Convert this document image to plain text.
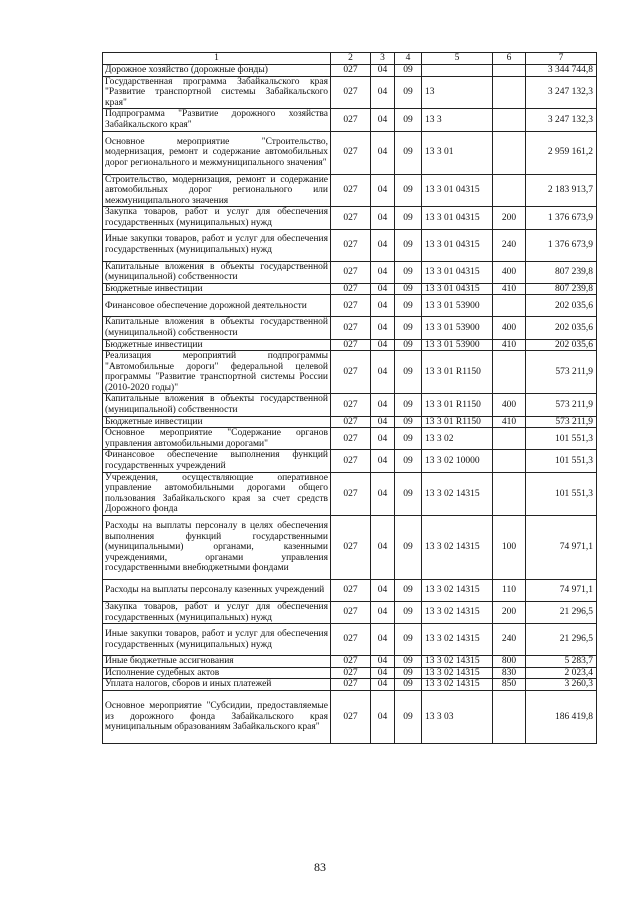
1	2	3	4	5	6	7
Дорожное хозяйство (дорожные фонды)	027	04	09			3 344 744,8
Государственная программа Забайкальского края "Развитие транспортной системы Забайкальского края"	027	04	09	13		3 247 132,3
Подпрограмма "Развитие дорожного хозяйства Забайкальского края"	027	04	09	13 3		3 247 132,3
Основное мероприятие "Строительство, модернизация, ремонт и содержание автомобильных дорог регионального и межмуниципального значения"	027	04	09	13 3 01		2 959 161,2
Строительство, модернизация, ремонт и содержание автомобильных дорог регионального или межмуниципального значения	027	04	09	13 3 01 04315		2 183 913,7
Закупка товаров, работ и услуг для обеспечения государственных (муниципальных) нужд	027	04	09	13 3 01 04315	200	1 376 673,9
Иные закупки товаров, работ и услуг для обеспечения государственных (муниципальных) нужд	027	04	09	13 3 01 04315	240	1 376 673,9
Капитальные вложения в объекты государственной (муниципальной) собственности	027	04	09	13 3 01 04315	400	807 239,8
Бюджетные инвестиции	027	04	09	13 3 01 04315	410	807 239,8
Финансовое обеспечение дорожной деятельности	027	04	09	13 3 01 53900		202 035,6
Капитальные вложения в объекты государственной (муниципальной) собственности	027	04	09	13 3 01 53900	400	202 035,6
Бюджетные инвестиции	027	04	09	13 3 01 53900	410	202 035,6
Реализация мероприятий подпрограммы "Автомобильные дороги" федеральной целевой программы "Развитие транспортной системы России (2010-2020 годы)"	027	04	09	13 3 01 R1150		573 211,9
Капитальные вложения в объекты государственной (муниципальной) собственности	027	04	09	13 3 01 R1150	400	573 211,9
Бюджетные инвестиции	027	04	09	13 3 01 R1150	410	573 211,9
Основное мероприятие "Содержание органов управления автомобильными дорогами"	027	04	09	13 3 02		101 551,3
Финансовое обеспечение выполнения функций государственных учреждений	027	04	09	13 3 02 10000		101 551,3
Учреждения, осуществляющие оперативное управление автомобильными дорогами общего пользования Забайкальского края за счет средств Дорожного фонда	027	04	09	13 3 02 14315		101 551,3
Расходы на выплаты персоналу в целях обеспечения выполнения функций государственными (муниципальными) органами, казенными учреждениями, органами управления государственными внебюджетными фондами	027	04	09	13 3 02 14315	100	74 971,1
Расходы на выплаты персоналу казенных учреждений	027	04	09	13 3 02 14315	110	74 971,1
Закупка товаров, работ и услуг для обеспечения государственных (муниципальных) нужд	027	04	09	13 3 02 14315	200	21 296,5
Иные закупки товаров, работ и услуг для обеспечения государственных (муниципальных) нужд	027	04	09	13 3 02 14315	240	21 296,5
Иные бюджетные ассигнования	027	04	09	13 3 02 14315	800	5 283,7
Исполнение судебных актов	027	04	09	13 3 02 14315	830	2 023,4
Уплата налогов, сборов и иных платежей	027	04	09	13 3 02 14315	850	3 260,3
Основное мероприятие "Субсидии, предоставляемые из дорожного фонда Забайкальского края муниципальным образованиям Забайкальского края"	027	04	09	13 3 03		186 419,8
83
